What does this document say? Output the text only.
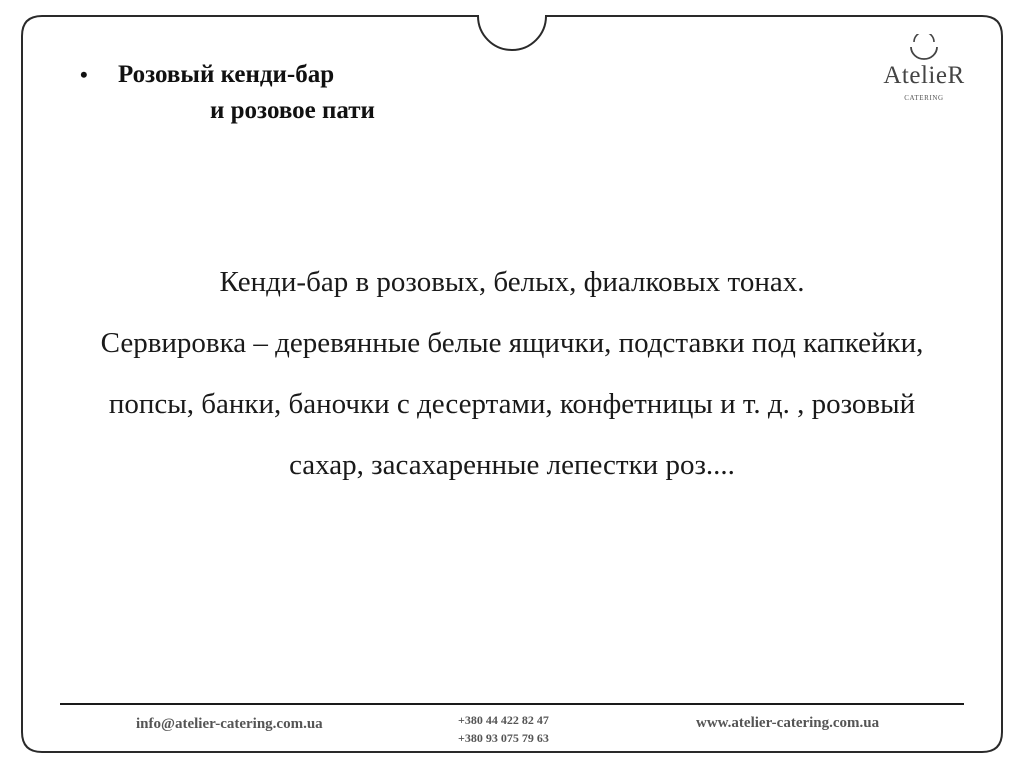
•	Розовый кенди-бар
и розовое пати
AtelieR
CATERING
Кенди-бар в розовых, белых, фиалковых тонах.
Сервировка – деревянные белые ящички, подставки под капкейки,
попсы, банки, баночки с десертами, конфетницы и т. д. , розовый
сахар, засахаренные лепестки роз....
info@atelier-catering.com.ua	+380 44 422 82 47
+380 93 075 79 63
www.atelier-catering.com.ua
